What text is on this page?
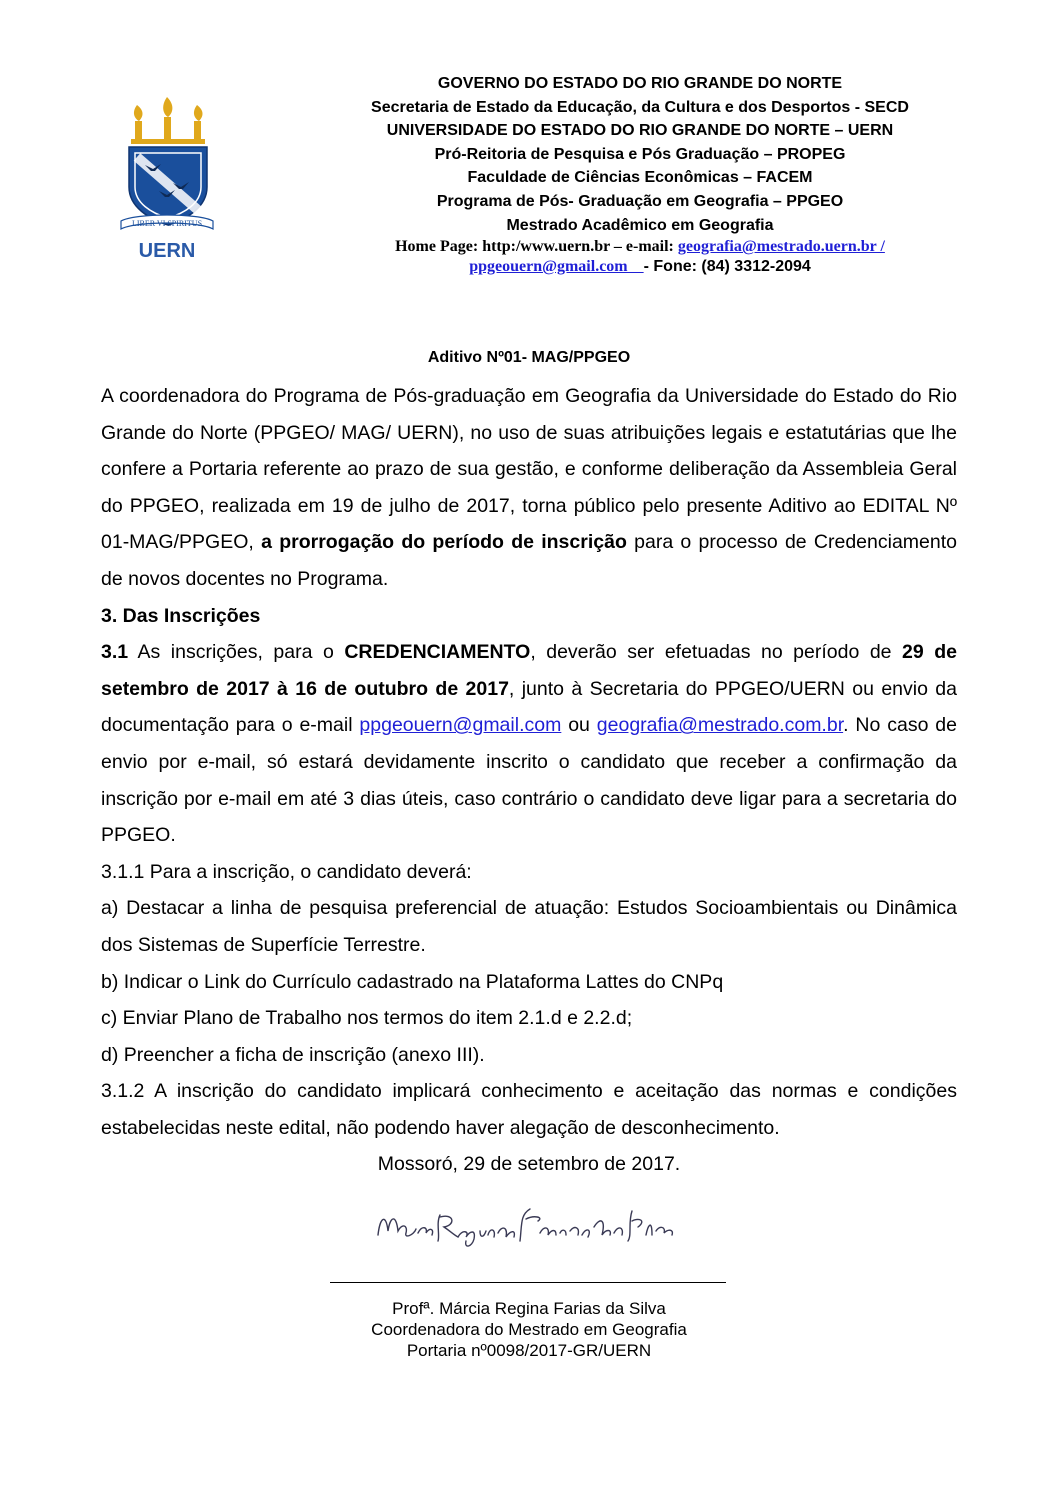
LIBER VI SPIRITUS
UERN
GOVERNO DO ESTADO DO RIO GRANDE DO NORTE
Secretaria de Estado da Educação, da Cultura e dos Desportos - SECD
UNIVERSIDADE DO ESTADO DO RIO GRANDE DO NORTE – UERN
Pró-Reitoria de Pesquisa e Pós Graduação – PROPEG
Faculdade de Ciências Econômicas – FACEM
Programa de Pós- Graduação em Geografia – PPGEO
Mestrado Acadêmico em Geografia
Home Page: http:/www.uern.br – e-mail: geografia@mestrado.uern.br /
ppgeouern@gmail.com    - Fone: (84) 3312-2094
Aditivo Nº01- MAG/PPGEO

A coordenadora do Programa de Pós-graduação em Geografia da Universidade do Estado do Rio Grande do Norte (PPGEO/ MAG/ UERN), no uso de suas atribuições legais e estatutárias que lhe confere a Portaria referente ao prazo de sua gestão, e conforme deliberação da Assembleia Geral do PPGEO, realizada em 19 de julho de 2017, torna público pelo presente Aditivo ao EDITAL Nº 01-MAG/PPGEO, a prorrogação do período de inscrição para o processo de Credenciamento de novos docentes no Programa.

3. Das Inscrições

3.1 As inscrições, para o CREDENCIAMENTO, deverão ser efetuadas no período de 29 de setembro de 2017 à 16 de outubro de 2017, junto à Secretaria do PPGEO/UERN ou envio da documentação para o e-mail ppgeouern@gmail.com ou geografia@mestrado.com.br. No caso de envio por e-mail, só estará devidamente inscrito o candidato que receber a confirmação da inscrição por e-mail em até 3 dias úteis, caso contrário o candidato deve ligar para a secretaria do PPGEO.

3.1.1 Para a inscrição, o candidato deverá:

a) Destacar a linha de pesquisa preferencial de atuação: Estudos Socioambientais ou Dinâmica dos Sistemas de Superfície Terrestre.

b) Indicar o Link do Currículo cadastrado na Plataforma Lattes do CNPq

c) Enviar Plano de Trabalho nos termos do item 2.1.d e 2.2.d;

d) Preencher a ficha de inscrição (anexo III).

3.1.2 A inscrição do candidato implicará conhecimento e aceitação das normas e condições estabelecidas neste edital, não podendo haver alegação de desconhecimento.

Mossoró, 29 de setembro de 2017.

Profª. Márcia Regina Farias da Silva
Coordenadora do Mestrado em Geografia
Portaria nº0098/2017-GR/UERN
